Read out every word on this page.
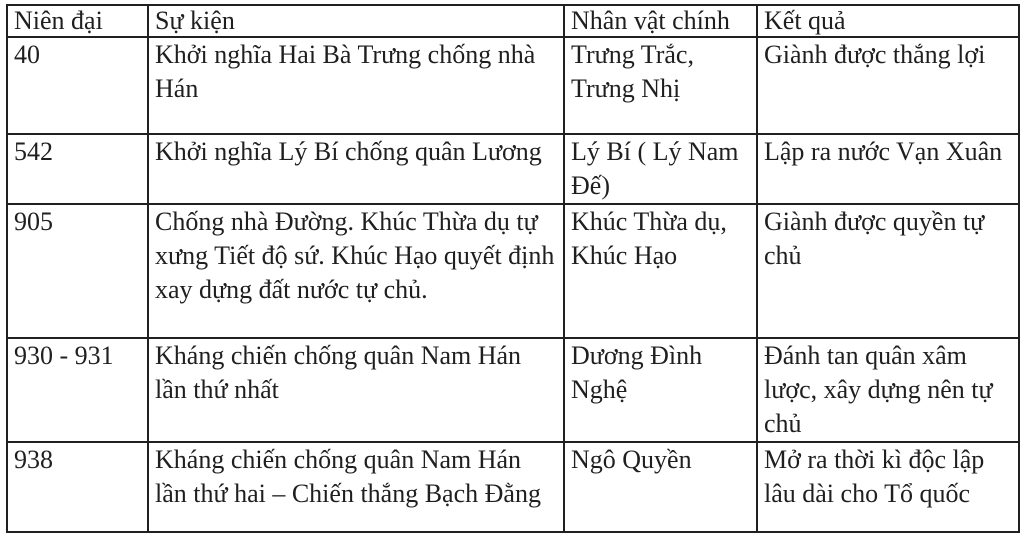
Niên đại	Sự kiện	Nhân vật chính	Kết quả
40	Khởi nghĩa Hai Bà Trưng chống nhà Hán	Trưng Trắc, Trưng Nhị	Giành được thắng lợi
542	Khởi nghĩa Lý Bí chống quân Lương	Lý Bí ( Lý Nam Đế)	Lập ra nước Vạn Xuân
905	Chống nhà Đường. Khúc Thừa dụ tự xưng Tiết độ sứ. Khúc Hạo quyết định xay dựng đất nước tự chủ.	Khúc Thừa dụ, Khúc Hạo	Giành được quyền tự chủ
930 - 931	Kháng chiến chống quân Nam Hán lần thứ nhất	Dương Đình Nghệ	Đánh tan quân xâm lược, xây dựng nên tự chủ
938	Kháng chiến chống quân Nam Hán lần thứ hai – Chiến thắng Bạch Đằng	Ngô Quyền	Mở ra thời kì độc lập lâu dài cho Tổ quốc
